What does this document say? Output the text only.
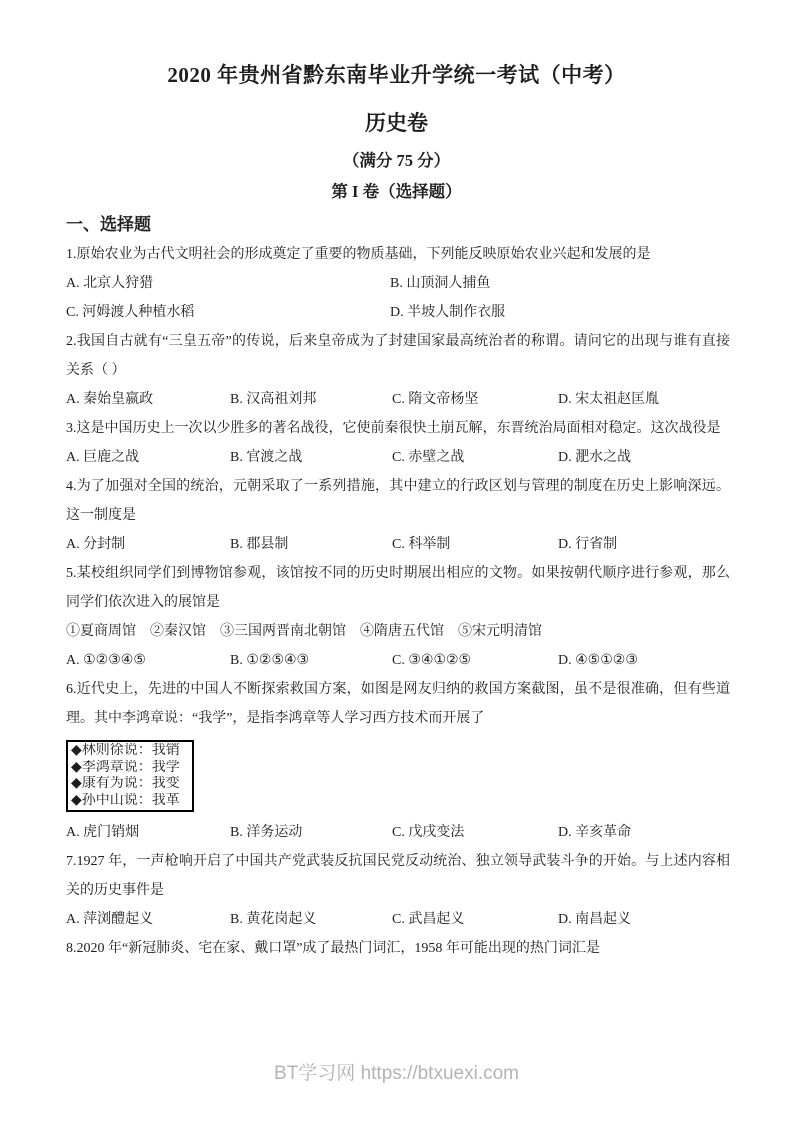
2020 年贵州省黔东南毕业升学统一考试（中考）
历史卷
（满分 75 分）
第 I 卷（选择题）
一、选择题

1.原始农业为古代文明社会的形成奠定了重要的物质基础，下列能反映原始农业兴起和发展的是

A. 北京人狩猎	B. 山顶洞人捕鱼
C. 河姆渡人种植水稻	D. 半坡人制作衣服

2.我国自古就有“三皇五帝”的传说，后来皇帝成为了封建国家最高统治者的称谓。请问它的出现与谁有直接关系（ ）

A. 秦始皇嬴政	B. 汉高祖刘邦	C. 隋文帝杨坚	D. 宋太祖赵匡胤

3.这是中国历史上一次以少胜多的著名战役，它使前秦很快土崩瓦解，东晋统治局面相对稳定。这次战役是

A. 巨鹿之战	B. 官渡之战	C. 赤壁之战	D. 淝水之战

4.为了加强对全国的统治，元朝采取了一系列措施，其中建立的行政区划与管理的制度在历史上影响深远。这一制度是

A. 分封制	B. 郡县制	C. 科举制	D. 行省制

5.某校组织同学们到博物馆参观，该馆按不同的历史时期展出相应的文物。如果按朝代顺序进行参观，那么同学们依次进入的展馆是

①夏商周馆　②秦汉馆　③三国两晋南北朝馆　④隋唐五代馆　⑤宋元明清馆
A. ①②③④⑤	B. ①②⑤④③	C. ③④①②⑤	D. ④⑤①②③

6.近代史上，先进的中国人不断探索救国方案，如图是网友归纳的救国方案截图，虽不是很准确，但有些道理。其中李鸿章说：“我学”，是指李鸿章等人学习西方技术而开展了

◆林则徐说：我销
◆李鸿章说：我学
◆康有为说：我变
◆孙中山说：我革
A. 虎门销烟	B. 洋务运动	C. 戊戌变法	D. 辛亥革命

7.1927 年，一声枪响开启了中国共产党武装反抗国民党反动统治、独立领导武装斗争的开始。与上述内容相关的历史事件是

A. 萍浏醴起义	B. 黄花岗起义	C. 武昌起义	D. 南昌起义

8.2020 年“新冠肺炎、宅在家、戴口罩”成了最热门词汇，1958 年可能出现的热门词汇是

BT学习网 https://btxuexi.com
